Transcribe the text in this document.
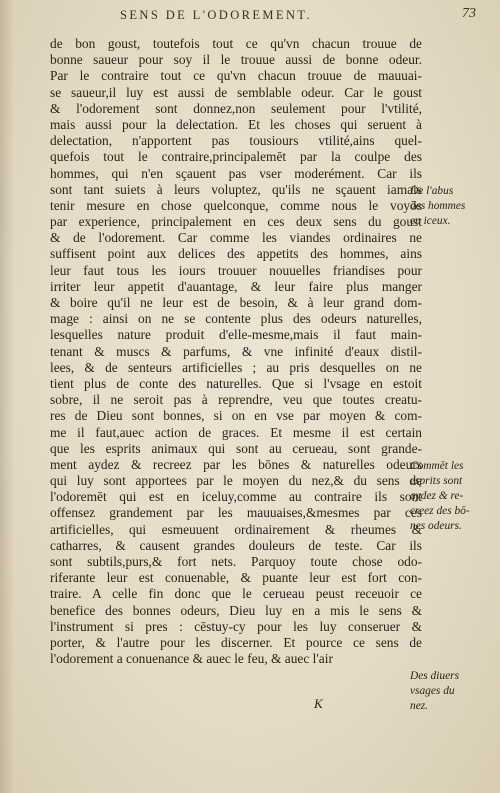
SENS DE L'ODOREMENT.	73
de bon goust, toutefois tout ce qu'vn chacun trouue de
bonne saueur pour soy il le trouue aussi de bonne odeur.
Par le contraire tout ce qu'vn chacun trouue de mauuai-
se saueur,il luy est aussi de semblable odeur. Car le goust
& l'odorement sont donnez,non seulement pour l'vtilité,
mais aussi pour la delectation. Et les choses qui seruent à
delectation, n'apportent pas tousiours vtilité,ains quel-
quefois tout le contraire,principalemēt par la coulpe des
hommes, qui n'en sçauent pas vser moderément. Car ils
sont tant suiets à leurs voluptez, qu'ils ne sçauent iamais
tenir mesure en chose quelconque, comme nous le voyōs
par experience, principalement en ces deux sens du goust
& de l'odorement. Car comme les viandes ordinaires ne
suffisent point aux delices des appetits des hommes, ains
leur faut tous les iours trouuer nouuelles friandises pour
irriter leur appetit d'auantage, & leur faire plus manger
& boire qu'il ne leur est de besoin, & à leur grand dom-
mage : ainsi on ne se contente plus des odeurs naturelles,
lesquelles nature produit d'elle-mesme,mais il faut main-
tenant & muscs & parfums, & vne infinité d'eaux distil-
lees, & de senteurs artificielles ; au pris desquelles on ne
tient plus de conte des naturelles. Que si l'vsage en estoit
sobre, il ne seroit pas à reprendre, veu que toutes creatu-
res de Dieu sont bonnes, si on en vse par moyen & com-
me il faut,auec action de graces. Et mesme il est certain
que les esprits animaux qui sont au cerueau, sont grande-
ment aydez & recreez par les bōnes & naturelles odeurs
qui luy sont apportees par le moyen du nez,& du sens de
l'odoremēt qui est en iceluy,comme au contraire ils sont
offensez grandement par les mauuaises,&mesmes par ces
artificielles, qui esmeuuent ordinairement & rheumes &
catharres, & causent grandes douleurs de teste. Car ils
sont subtils,purs,& fort nets. Parquoy toute chose odo-
riferante leur est conuenable, & puante leur est fort con-
traire. A celle fin donc que le cerueau peust receuoir ce
benefice des bonnes odeurs, Dieu luy en a mis le sens &
l'instrument si pres : cēstuy-cy pour les luy conseruer &
porter, & l'autre pour les discerner. Et pource ce sens de
l'odorement a conuenance & auec le feu, & auec l'air
De l'abus
des hommes
en iceux.
Commēt les
esprits sont
aydez & re-
creez des bō-
nes odeurs.
Des diuers
vsages du
nez.
K
